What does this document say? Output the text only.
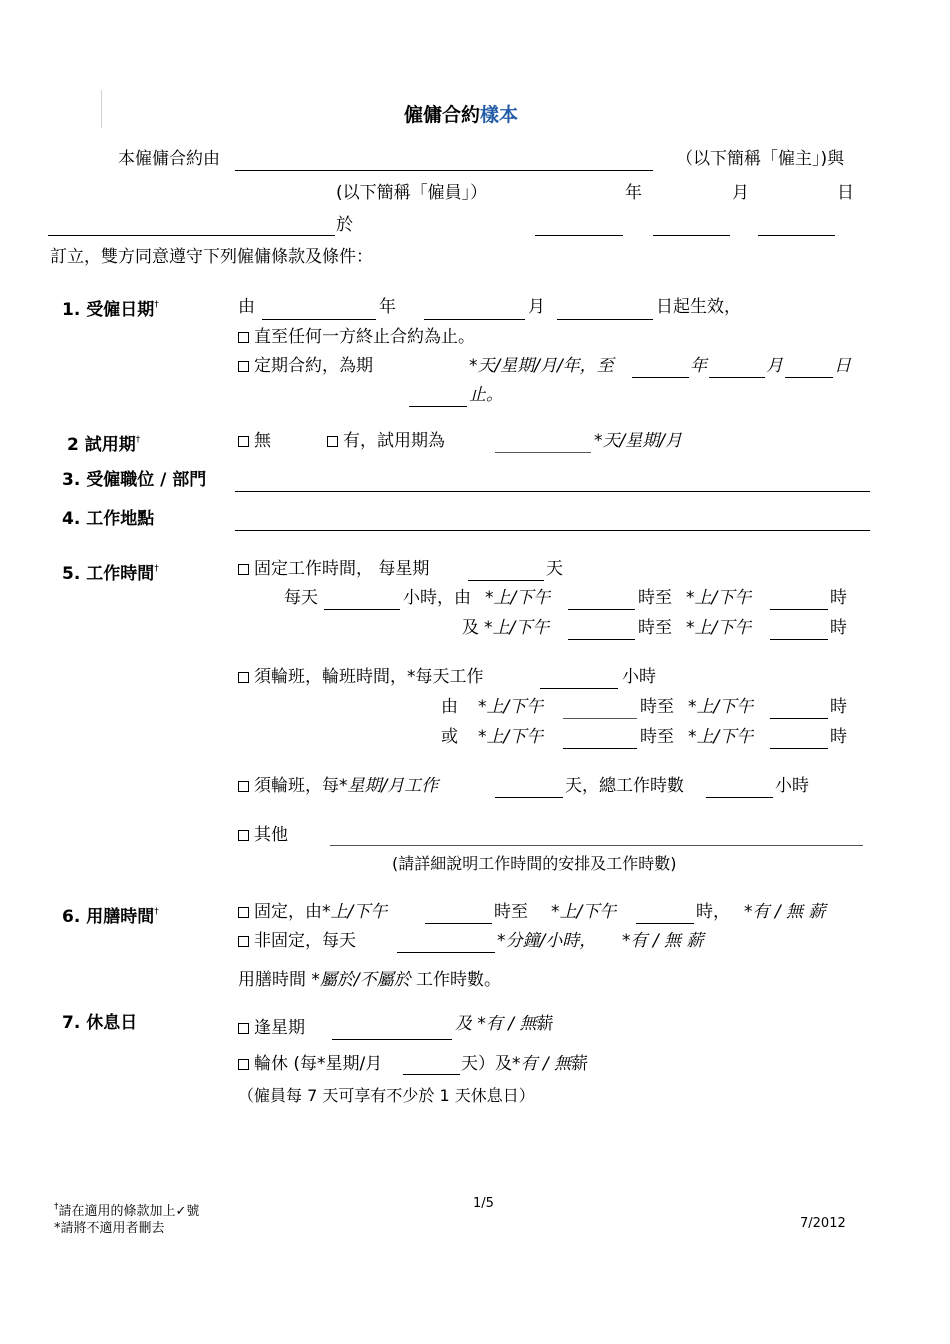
僱傭合約樣本
本僱傭合約由	（以下簡稱「僱主」)與
(以下簡稱「僱員」）	年	月	日
於
訂立，雙方同意遵守下列僱傭條款及條件：
1. 受僱日期†	由	年	月	日起生效，
直至任何一方終止合約為止。
定期合約，為期	*天/星期/月/年，至	年	月	日
止。
2 試用期†	無	有，試用期為	*天/星期/月
3. 受僱職位 / 部門
4. 工作地點
5. 工作時間†	固定工作時間， 每星期	天
每天	小時，由 *上/下午	時至 *上/下午	時
及 *上/下午	時至 *上/下午	時
須輪班，輪班時間，*每天工作	小時
由 *上/下午	時至 *上/下午	時
或 *上/下午	時至 *上/下午	時
須輪班，每*星期/月工作	天，總工作時數	小時
其他
(請詳細說明工作時間的安排及工作時數)
6. 用膳時間†	固定，由*上/下午	時至 *上/下午	時， *有 / 無 薪
非固定，每天	*分鐘/小時， *有 / 無 薪
用膳時間 *屬於/不屬於 工作時數。
7. 休息日	逢星期	及 *有 / 無薪
輪休 (每*星期/月	天）及*有 / 無薪
（僱員每 7 天可享有不少於 1 天休息日）
†請在適用的條款加上✓號
*請將不適用者刪去
1/5
7/2012
